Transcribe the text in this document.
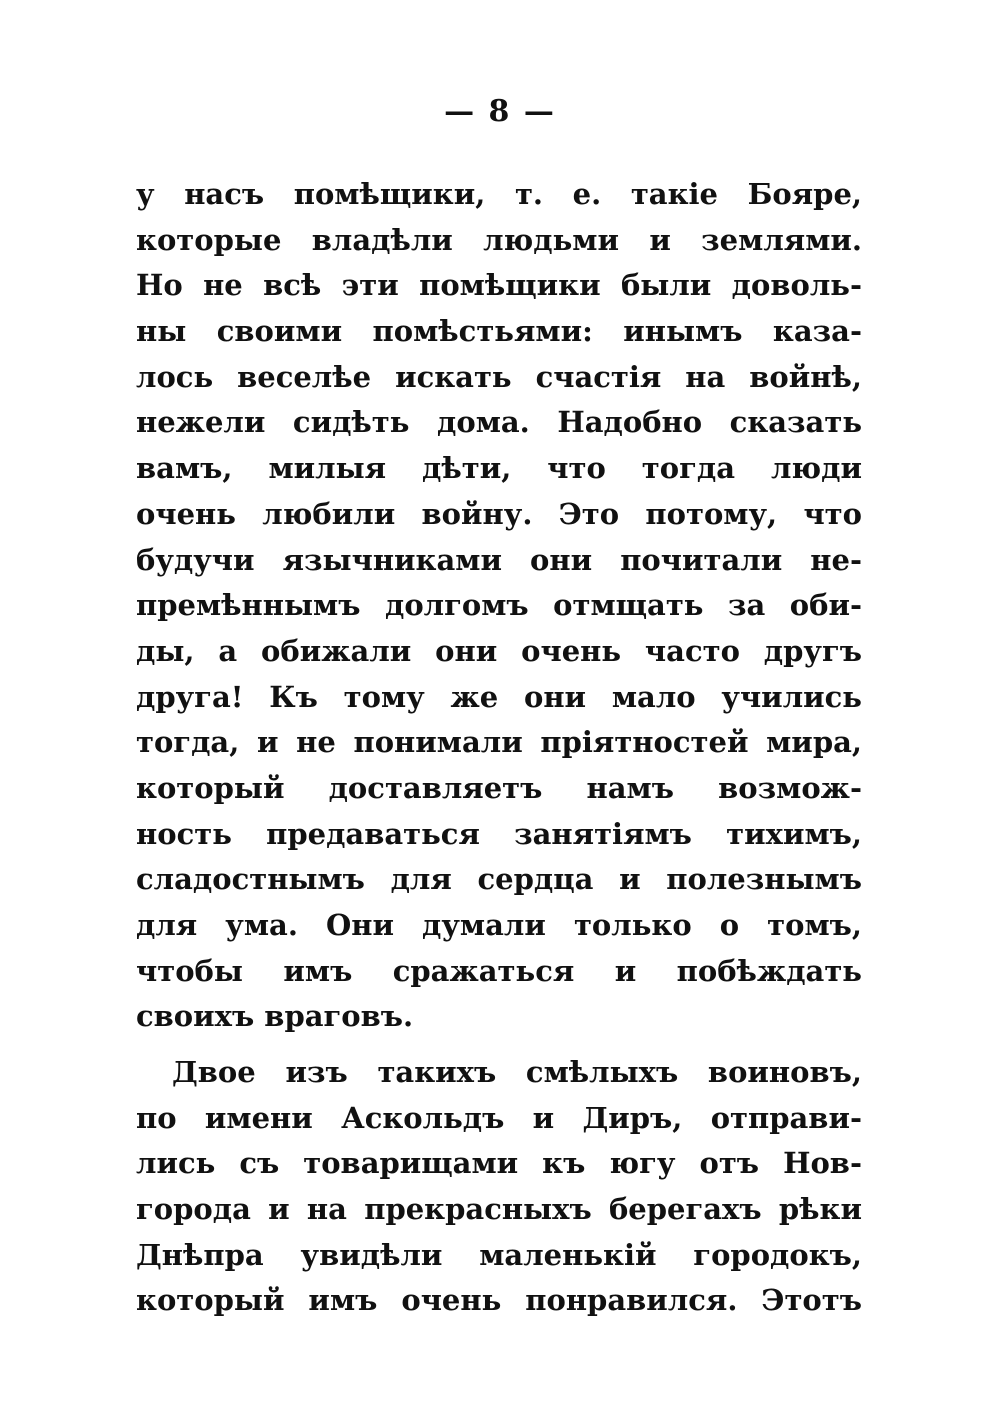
— 8 —
у насъ помѣщики, т. е. такіе Бояре,
которые владѣли людьми и землями.
Но не всѣ эти помѣщики были доволь-
ны своими помѣстьями: инымъ каза-
лось веселѣе искать счастія на войнѣ,
нежели сидѣть дома. Надобно сказать
вамъ, милыя дѣти, что тогда люди
очень любили войну. Это потому, что
будучи язычниками они почитали не-
премѣннымъ долгомъ отмщать за оби-
ды, а обижали они очень часто другъ
друга! Къ тому же они мало учились
тогда, и не понимали пріятностей мира,
который доставляетъ намъ возмож-
ность предаваться занятіямъ тихимъ,
сладостнымъ для сердца и полезнымъ
для ума. Они думали только о томъ,
чтобы имъ сражаться и побѣждать
своихъ враговъ.
Двое изъ такихъ смѣлыхъ воиновъ,
по имени Аскольдъ и Диръ, отправи-
лись съ товарищами къ югу отъ Нов-
города и на прекрасныхъ берегахъ рѣки
Днѣпра увидѣли маленькій городокъ,
который имъ очень понравился. Этотъ
